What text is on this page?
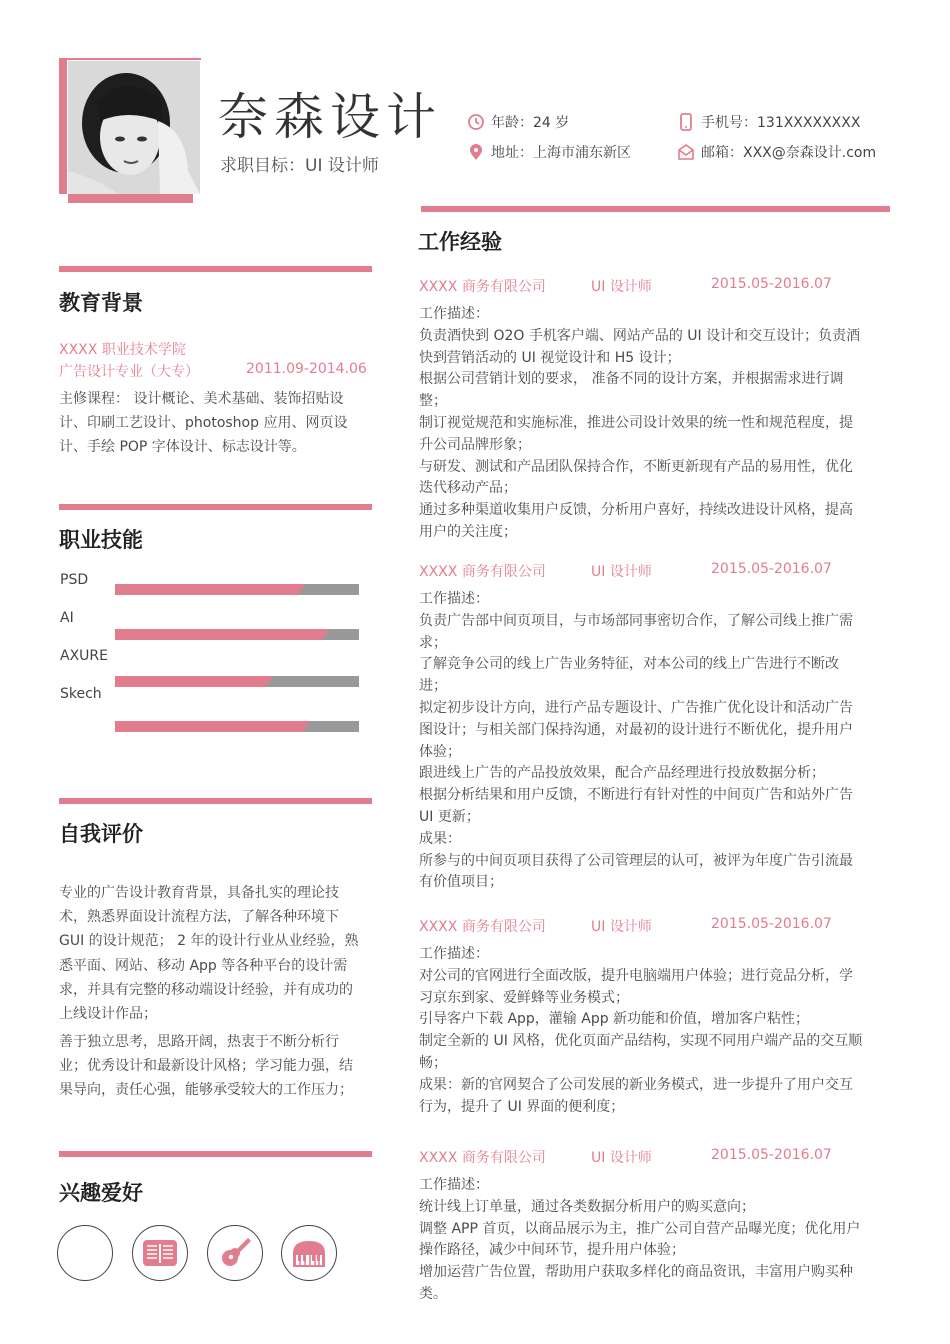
奈森设计
求职目标：UI 设计师
年龄：24 岁
地址：上海市浦东新区
手机号：131XXXXXXXX
邮箱：XXX@奈森设计.com
教育背景
XXXX 职业技术学院
广告设计专业（大专）	2011.09-2014.06
主修课程： 设计概论、美术基础、装饰招贴设
计、印刷工艺设计、photoshop 应用、网页设
计、手绘 POP 字体设计、标志设计等。
职业技能
PSD
AI
AXURE
Skech
自我评价
专业的广告设计教育背景，具备扎实的理论技
术，熟悉界面设计流程方法，了解各种环境下
GUI 的设计规范； 2 年的设计行业从业经验，熟
悉平面、网站、移动 App 等各种平台的设计需
求，并具有完整的移动端设计经验，并有成功的
上线设计作品；
善于独立思考，思路开阔，热衷于不断分析行
业；优秀设计和最新设计风格；学习能力强，结
果导向，责任心强，能够承受较大的工作压力；
兴趣爱好
工作经验
XXXX 商务有限公司	UI 设计师	2015.05-2016.07
工作描述：
负责酒快到 O2O 手机客户端、网站产品的 UI 设计和交互设计；负责酒
快到营销活动的 UI 视觉设计和 H5 设计；
根据公司营销计划的要求， 准备不同的设计方案，并根据需求进行调
整；
制订视觉规范和实施标准，推进公司设计效果的统一性和规范程度，提
升公司品牌形象；
与研发、测试和产品团队保持合作，不断更新现有产品的易用性，优化
迭代移动产品；
通过多种渠道收集用户反馈，分析用户喜好，持续改进设计风格，提高
用户的关注度；
XXXX 商务有限公司	UI 设计师	2015.05-2016.07
工作描述：
负责广告部中间页项目，与市场部同事密切合作，了解公司线上推广需
求；
了解竞争公司的线上广告业务特征，对本公司的线上广告进行不断改
进；
拟定初步设计方向，进行产品专题设计、广告推广优化设计和活动广告
图设计；与相关部门保持沟通，对最初的设计进行不断优化，提升用户
体验；
跟进线上广告的产品投放效果，配合产品经理进行投放数据分析；
根据分析结果和用户反馈，不断进行有针对性的中间页广告和站外广告
UI 更新；
成果：
所参与的中间页项目获得了公司管理层的认可，被评为年度广告引流最
有价值项目；
XXXX 商务有限公司	UI 设计师	2015.05-2016.07
工作描述：
对公司的官网进行全面改版，提升电脑端用户体验；进行竞品分析，学
习京东到家、爱鲜蜂等业务模式；
引导客户下载 App，灌输 App 新功能和价值，增加客户粘性；
制定全新的 UI 风格，优化页面产品结构，实现不同用户端产品的交互顺
畅；
成果：新的官网契合了公司发展的新业务模式，进一步提升了用户交互
行为，提升了 UI 界面的便利度；
XXXX 商务有限公司	UI 设计师	2015.05-2016.07
工作描述：
统计线上订单量，通过各类数据分析用户的购买意向；
调整 APP 首页，以商品展示为主，推广公司自营产品曝光度；优化用户
操作路径，减少中间环节，提升用户体验；
增加运营广告位置，帮助用户获取多样化的商品资讯，丰富用户购买种
类。
